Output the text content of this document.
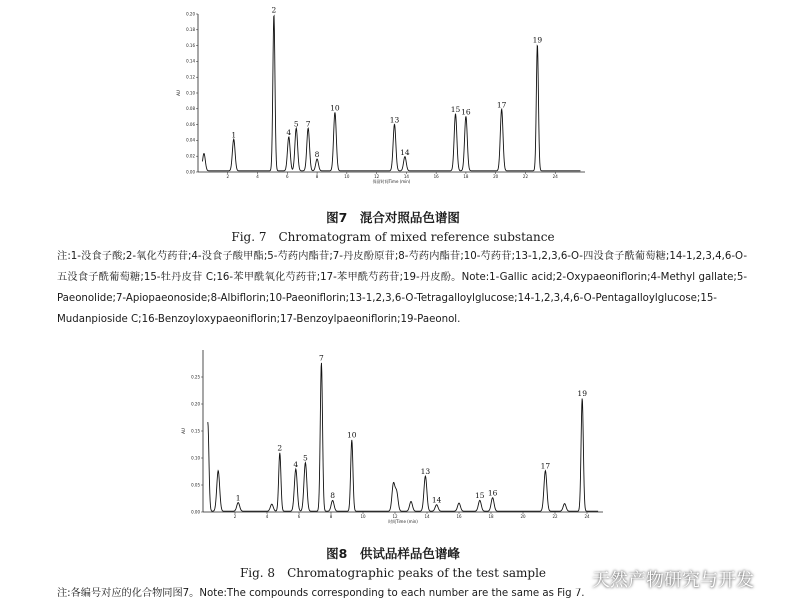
0.00
0.02
0.04
0.06
0.08
0.10
0.12
0.14
0.16
0.18
0.20
2	4	6	8	10	12	14	16	18	20	22	24
保留时间Time (min)
AU
1
2
4
5 7
8
10
13
14
15 16
17
19
图7　混合对照品色谱图
Fig. 7　Chromatogram of mixed reference substance

注:1-没食子酸;2-氧化芍药苷;4-没食子酸甲酯;5-芍药内酯苷;7-丹皮酚原苷;8-芍药内酯苷;10-芍药苷;13-1,2,3,6-O-四没食子酰葡萄糖;14-1,2,3,4,6-O-五没食子酰葡萄糖;15-牡丹皮苷 C;16-苯甲酰氧化芍药苷;17-苯甲酰芍药苷;19-丹皮酚。Note:1-Gallic acid;2-Oxypaeoniflorin;4-Methyl gallate;5-Paeonolide;7-Apiopaeonoside;8-Albiflorin;10-Paeoniflorin;13-1,2,3,6-O-Tetragalloylglucose;14-1,2,3,4,6-O-Pentagalloylglucose;15-Mudanpioside C;16-Benzoyloxypaeoniflorin;17-Benzoylpaeoniflorin;19-Paeonol.

0.00
0.05
0.10
0.15
0.20
0.25
2	4	6	8	10	12	14	16	18	20	22	24
时间Time (min)
AU
1
2
4
5
7
8
10
13
14	15 16
17
19
图8　供试品样品色谱峰
Fig. 8　Chromatographic peaks of the test sample
注:各编号对应的化合物同图7。Note:The compounds corresponding to each number are the same as Fig 7.
天然产物研究与开发
